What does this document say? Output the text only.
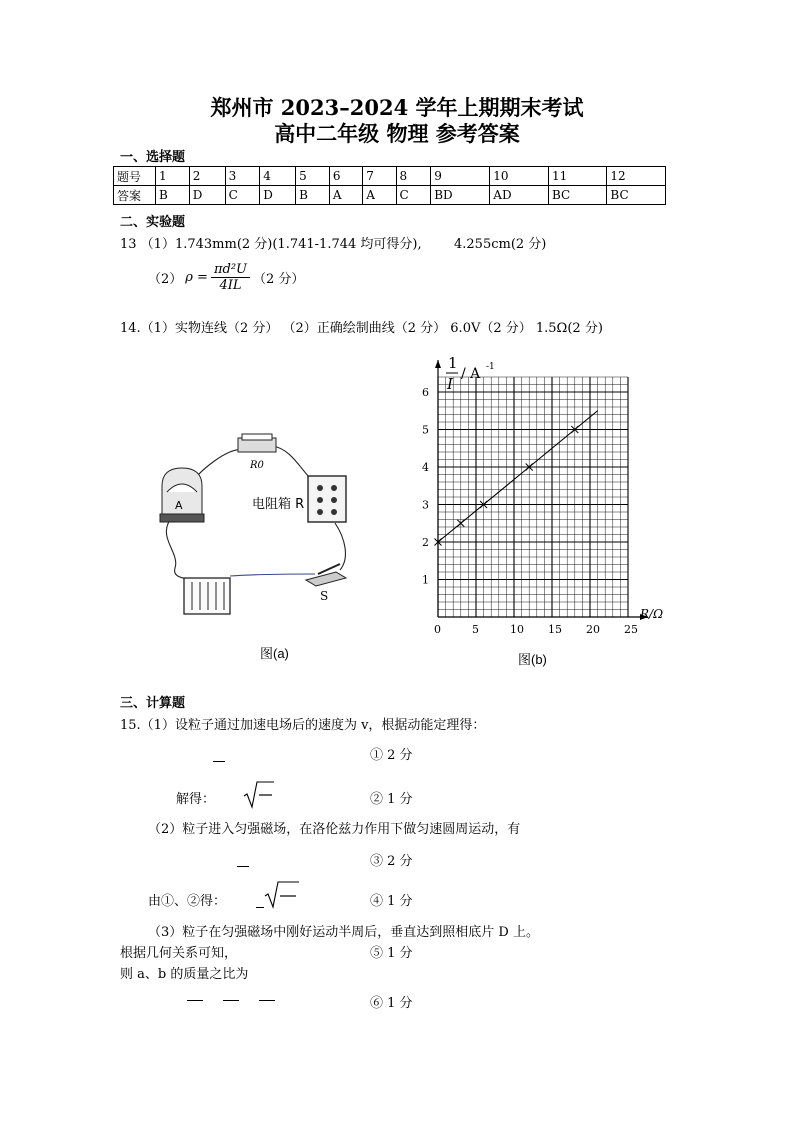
郑州市 2023–2024 学年上期期末考试
高中二年级 物理 参考答案
一、选择题
题号	1	2	3	4	5	6	7	8	9	10	11	12
答案	B	D	C	D	B	A	A	C	BD	AD	BC	BC
二、实验题
13 （1）1.743mm(2 分)(1.741-1.744 均可得分), 4.255cm(2 分)
（2） $\rho = \frac{\text{πd²U}}{4IL} (2$ 分）
14.（1）实物连线（2 分） （2）正确绘制曲线（2 分） 6.0V（2 分） 1.5Ω(2 分)
R0
A	电阻箱 R
S
图(a)
0	5	10 15 20 25
1
2
3
4
5
6
1
I
/ A -1
R/Ω
图(b)
三、计算题
15.（1）设粒子通过加速电场后的速度为 v，根据动能定理得：
① 2 分
解得：	② 1 分
（2）粒子进入匀强磁场，在洛伦兹力作用下做匀速圆周运动，有
③ 2 分
由①、②得：	④ 1 分
（3）粒子在匀强磁场中刚好运动半周后，垂直达到照相底片 D 上。
根据几何关系可知，	⑤ 1 分
则 a、b 的质量之比为
⑥ 1 分
